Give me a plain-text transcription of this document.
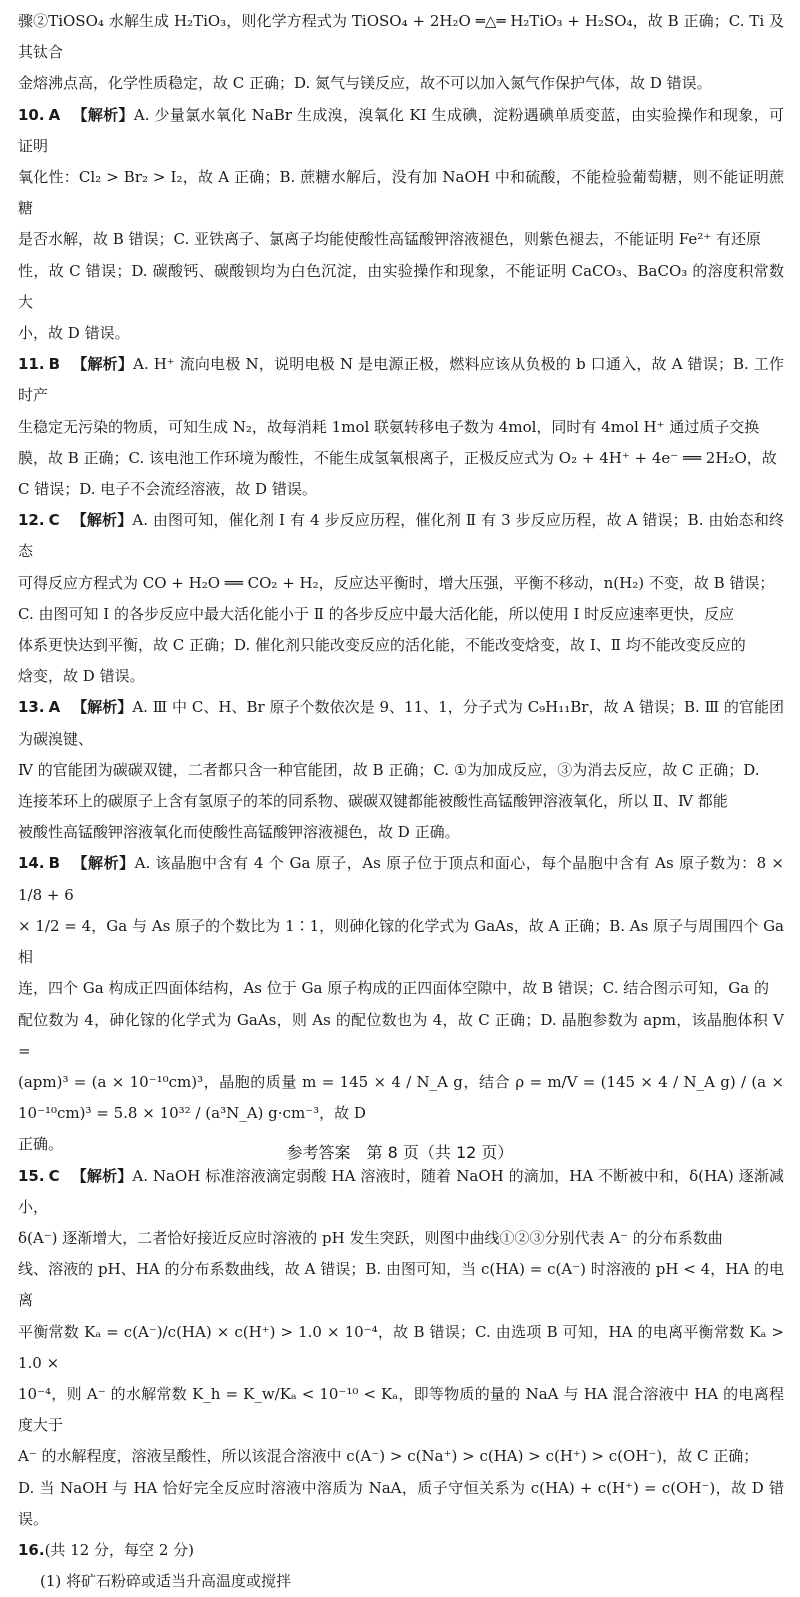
骤②TiOSO₄ 水解生成 H₂TiO₃，则化学方程式为 TiOSO₄ + 2H₂O ═△═ H₂TiO₃ + H₂SO₄，故 B 正确；C. Ti 及其钛合

金熔沸点高，化学性质稳定，故 C 正确；D. 氮气与镁反应，故不可以加入氮气作保护气体，故 D 错误。

10. A 【解析】A. 少量氯水氧化 NaBr 生成溴，溴氧化 KI 生成碘，淀粉遇碘单质变蓝，由实验操作和现象，可证明

氧化性：Cl₂ > Br₂ > I₂，故 A 正确；B. 蔗糖水解后，没有加 NaOH 中和硫酸，不能检验葡萄糖，则不能证明蔗糖

是否水解，故 B 错误；C. 亚铁离子、氯离子均能使酸性高锰酸钾溶液褪色，则紫色褪去，不能证明 Fe²⁺ 有还原

性，故 C 错误；D. 碳酸钙、碳酸钡均为白色沉淀，由实验操作和现象，不能证明 CaCO₃、BaCO₃ 的溶度积常数大

小，故 D 错误。

11. B 【解析】A. H⁺ 流向电极 N，说明电极 N 是电源正极，燃料应该从负极的 b 口通入，故 A 错误；B. 工作时产

生稳定无污染的物质，可知生成 N₂，故每消耗 1mol 联氨转移电子数为 4mol，同时有 4mol H⁺ 通过质子交换

膜，故 B 正确；C. 该电池工作环境为酸性，不能生成氢氧根离子，正极反应式为 O₂ + 4H⁺ + 4e⁻ ══ 2H₂O，故

C 错误；D. 电子不会流经溶液，故 D 错误。

12. C 【解析】A. 由图可知，催化剂 Ⅰ 有 4 步反应历程，催化剂 Ⅱ 有 3 步反应历程，故 A 错误；B. 由始态和终态

可得反应方程式为 CO + H₂O ══ CO₂ + H₂，反应达平衡时，增大压强，平衡不移动，n(H₂) 不变，故 B 错误；

C. 由图可知 Ⅰ 的各步反应中最大活化能小于 Ⅱ 的各步反应中最大活化能，所以使用 Ⅰ 时反应速率更快，反应

体系更快达到平衡，故 C 正确；D. 催化剂只能改变反应的活化能，不能改变焓变，故 Ⅰ、Ⅱ 均不能改变反应的

焓变，故 D 错误。

13. A 【解析】A. Ⅲ 中 C、H、Br 原子个数依次是 9、11、1，分子式为 C₉H₁₁Br，故 A 错误；B. Ⅲ 的官能团为碳溴键、

Ⅳ 的官能团为碳碳双键，二者都只含一种官能团，故 B 正确；C. ①为加成反应，③为消去反应，故 C 正确；D.

连接苯环上的碳原子上含有氢原子的苯的同系物、碳碳双键都能被酸性高锰酸钾溶液氧化，所以 Ⅱ、Ⅳ 都能

被酸性高锰酸钾溶液氧化而使酸性高锰酸钾溶液褪色，故 D 正确。

14. B 【解析】A. 该晶胞中含有 4 个 Ga 原子，As 原子位于顶点和面心，每个晶胞中含有 As 原子数为：8 × 1/8 + 6

× 1/2 = 4，Ga 与 As 原子的个数比为 1∶1，则砷化镓的化学式为 GaAs，故 A 正确；B. As 原子与周围四个 Ga 相

连，四个 Ga 构成正四面体结构，As 位于 Ga 原子构成的正四面体空隙中，故 B 错误；C. 结合图示可知，Ga 的

配位数为 4，砷化镓的化学式为 GaAs，则 As 的配位数也为 4，故 C 正确；D. 晶胞参数为 apm，该晶胞体积 V =

(apm)³ = (a × 10⁻¹⁰cm)³，晶胞的质量 m = 145 × 4 / N_A g，结合 ρ = m/V = (145 × 4 / N_A g) / (a × 10⁻¹⁰cm)³ = 5.8 × 10³² / (a³N_A) g·cm⁻³，故 D

正确。

15. C 【解析】A. NaOH 标准溶液滴定弱酸 HA 溶液时，随着 NaOH 的滴加，HA 不断被中和，δ(HA) 逐渐减小，

δ(A⁻) 逐渐增大，二者恰好接近反应时溶液的 pH 发生突跃，则图中曲线①②③分别代表 A⁻ 的分布系数曲

线、溶液的 pH、HA 的分布系数曲线，故 A 错误；B. 由图可知，当 c(HA) = c(A⁻) 时溶液的 pH < 4，HA 的电离

平衡常数 Kₐ = c(A⁻)/c(HA) × c(H⁺) > 1.0 × 10⁻⁴，故 B 错误；C. 由选项 B 可知，HA 的电离平衡常数 Kₐ > 1.0 ×

10⁻⁴，则 A⁻ 的水解常数 K_h = K_w/Kₐ < 10⁻¹⁰ < Kₐ，即等物质的量的 NaA 与 HA 混合溶液中 HA 的电离程度大于

A⁻ 的水解程度，溶液呈酸性，所以该混合溶液中 c(A⁻) > c(Na⁺) > c(HA) > c(H⁺) > c(OH⁻)，故 C 正确；

D. 当 NaOH 与 HA 恰好完全反应时溶液中溶质为 NaA，质子守恒关系为 c(HA) + c(H⁺) = c(OH⁻)，故 D 错误。

16.(共 12 分，每空 2 分)

(1) 将矿石粉碎或适当升高温度或搅拌

参考答案　第 8 页（共 12 页）
